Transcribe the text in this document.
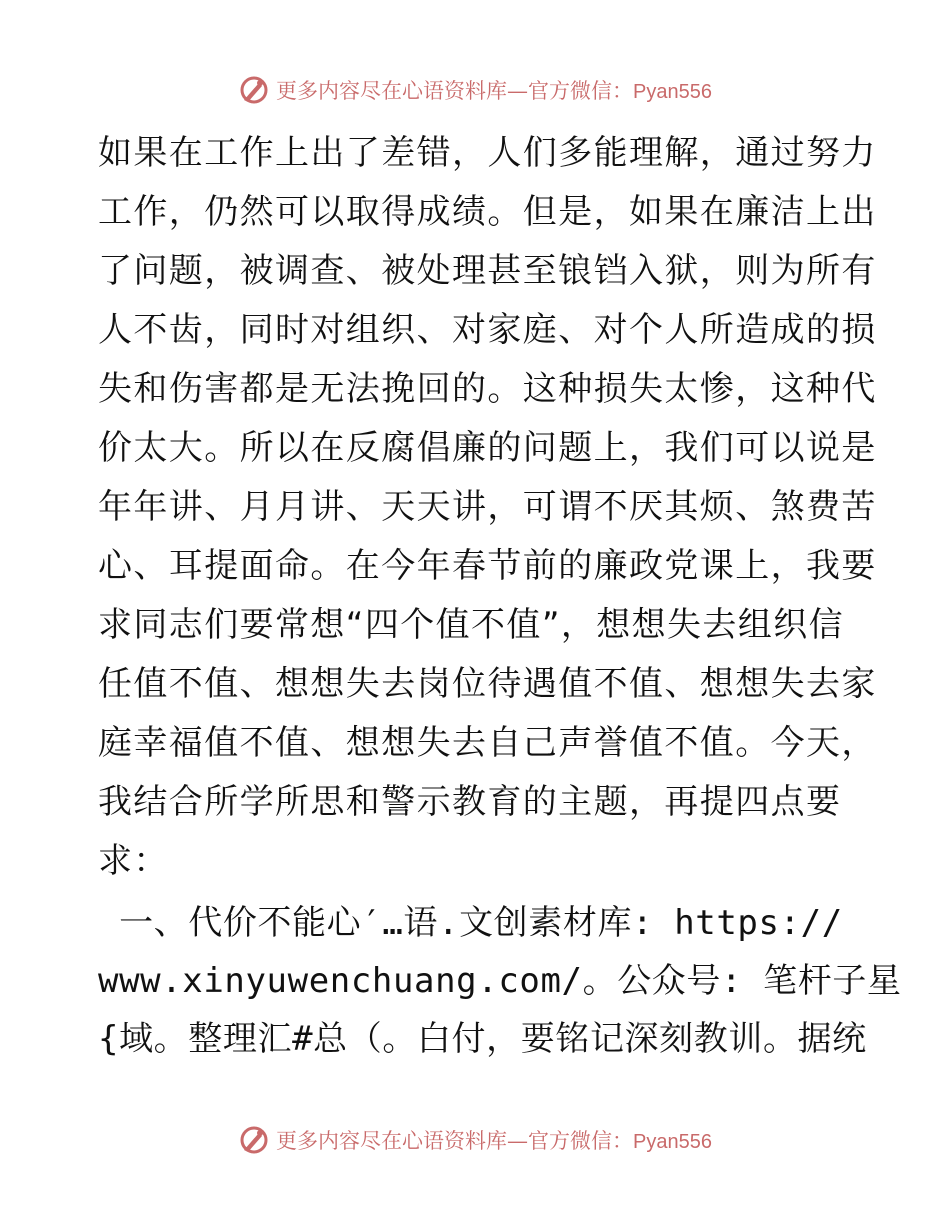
更多内容尽在心语资料库—官方微信：Pyan556
如果在工作上出了差错，人们多能理解，通过努力
工作，仍然可以取得成绩。但是，如果在廉洁上出
了问题，被调查、被处理甚至锒铛入狱，则为所有
人不齿，同时对组织、对家庭、对个人所造成的损
失和伤害都是无法挽回的。这种损失太惨，这种代
价太大。所以在反腐倡廉的问题上，我们可以说是
年年讲、月月讲、天天讲，可谓不厌其烦、煞费苦
心、耳提面命。在今年春节前的廉政党课上，我要
求同志们要常想“四个值不值”，想想失去组织信
任值不值、想想失去岗位待遇值不值、想想失去家
庭幸福值不值、想想失去自己声誉值不值。今天，
我结合所学所思和警示教育的主题，再提四点要
求：
一、代价不能心′…语.文创素材库: https://
www.xinyuwenchuang.com/。公众号: 笔杆子星
{域。整理汇#总（。白付，要铭记深刻教训。据统
更多内容尽在心语资料库—官方微信：Pyan556
